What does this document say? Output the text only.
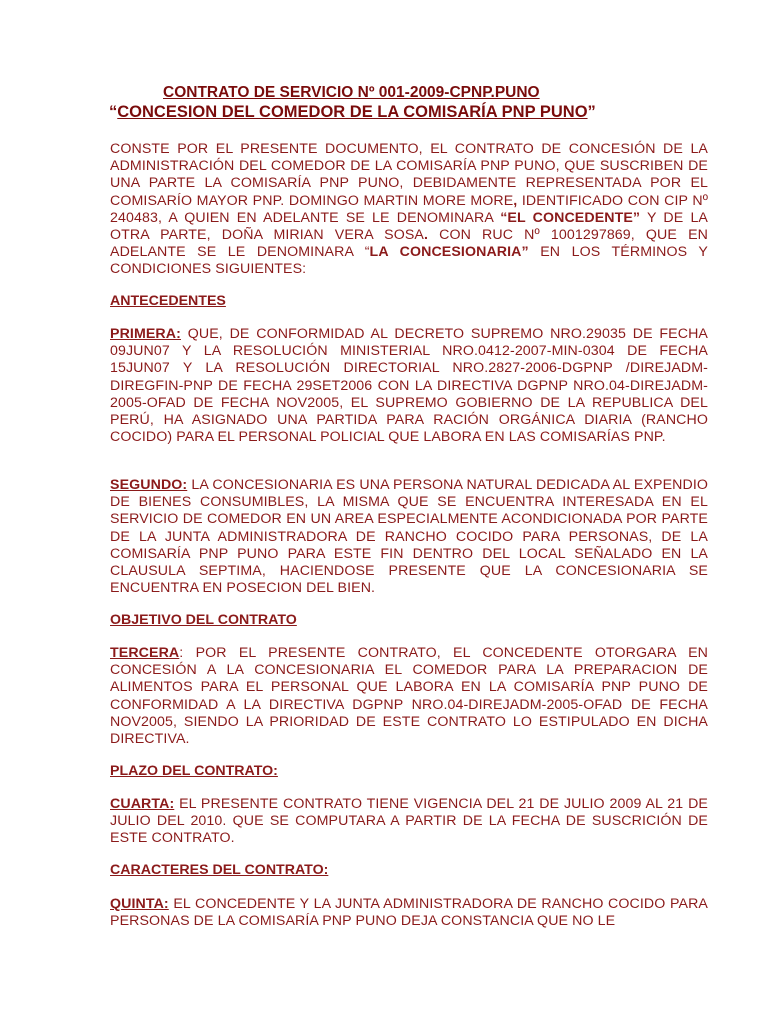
CONTRATO DE SERVICIO Nº 001-2009-CPNP.PUNO
“CONCESION DEL COMEDOR DE LA COMISARÍA PNP PUNO”
CONSTE POR EL PRESENTE DOCUMENTO, EL CONTRATO DE CONCESIÓN DE LA ADMINISTRACIÓN DEL COMEDOR DE LA COMISARÍA PNP PUNO, QUE SUSCRIBEN DE UNA PARTE LA COMISARÍA PNP PUNO, DEBIDAMENTE REPRESENTADA POR EL COMISARÍO MAYOR PNP. DOMINGO MARTIN MORE MORE, IDENTIFICADO CON CIP Nº 240483, A QUIEN EN ADELANTE SE LE DENOMINARA “EL CONCEDENTE” Y DE LA OTRA PARTE, DOÑA MIRIAN VERA SOSA. CON RUC Nº 1001297869, QUE EN ADELANTE SE LE DENOMINARA “LA CONCESIONARIA” EN LOS TÉRMINOS Y CONDICIONES SIGUIENTES:
ANTECEDENTES
PRIMERA: QUE, DE CONFORMIDAD AL DECRETO SUPREMO NRO.29035 DE FECHA 09JUN07 Y LA RESOLUCIÓN MINISTERIAL NRO.0412-2007-MIN-0304 DE FECHA 15JUN07 Y LA RESOLUCIÓN DIRECTORIAL NRO.2827-2006-DGPNP /DIREJADM-DIREGFIN-PNP DE FECHA 29SET2006 CON LA DIRECTIVA DGPNP NRO.04-DIREJADM-2005-OFAD DE FECHA NOV2005, EL SUPREMO GOBIERNO DE LA REPUBLICA DEL PERÚ, HA ASIGNADO UNA PARTIDA PARA RACIÓN ORGÁNICA DIARIA (RANCHO COCIDO) PARA EL PERSONAL POLICIAL QUE LABORA EN LAS COMISARÍAS PNP.
SEGUNDO: LA CONCESIONARIA ES UNA PERSONA NATURAL DEDICADA AL EXPENDIO DE BIENES CONSUMIBLES, LA MISMA QUE SE ENCUENTRA INTERESADA EN EL SERVICIO DE COMEDOR EN UN AREA ESPECIALMENTE ACONDICIONADA POR PARTE DE LA JUNTA ADMINISTRADORA DE RANCHO COCIDO PARA PERSONAS, DE LA COMISARÍA PNP PUNO PARA ESTE FIN DENTRO DEL LOCAL SEÑALADO EN LA CLAUSULA SEPTIMA, HACIENDOSE PRESENTE QUE LA CONCESIONARIA SE ENCUENTRA EN POSECION DEL BIEN.
OBJETIVO DEL CONTRATO
TERCERA: POR EL PRESENTE CONTRATO, EL CONCEDENTE OTORGARA EN CONCESIÓN A LA CONCESIONARIA EL COMEDOR PARA LA PREPARACION DE ALIMENTOS PARA EL PERSONAL QUE LABORA EN LA COMISARÍA PNP PUNO DE CONFORMIDAD A LA DIRECTIVA DGPNP NRO.04-DIREJADM-2005-OFAD DE FECHA NOV2005, SIENDO LA PRIORIDAD DE ESTE CONTRATO LO ESTIPULADO EN DICHA DIRECTIVA.
PLAZO DEL CONTRATO:
CUARTA: EL PRESENTE CONTRATO TIENE VIGENCIA DEL 21 DE JULIO 2009 AL 21 DE JULIO DEL 2010. QUE SE COMPUTARA A PARTIR DE LA FECHA DE SUSCRICIÓN DE ESTE CONTRATO.
CARACTERES DEL CONTRATO:
QUINTA: EL CONCEDENTE Y LA JUNTA ADMINISTRADORA DE RANCHO COCIDO PARA PERSONAS DE LA COMISARÍA PNP PUNO DEJA CONSTANCIA QUE NO LE
